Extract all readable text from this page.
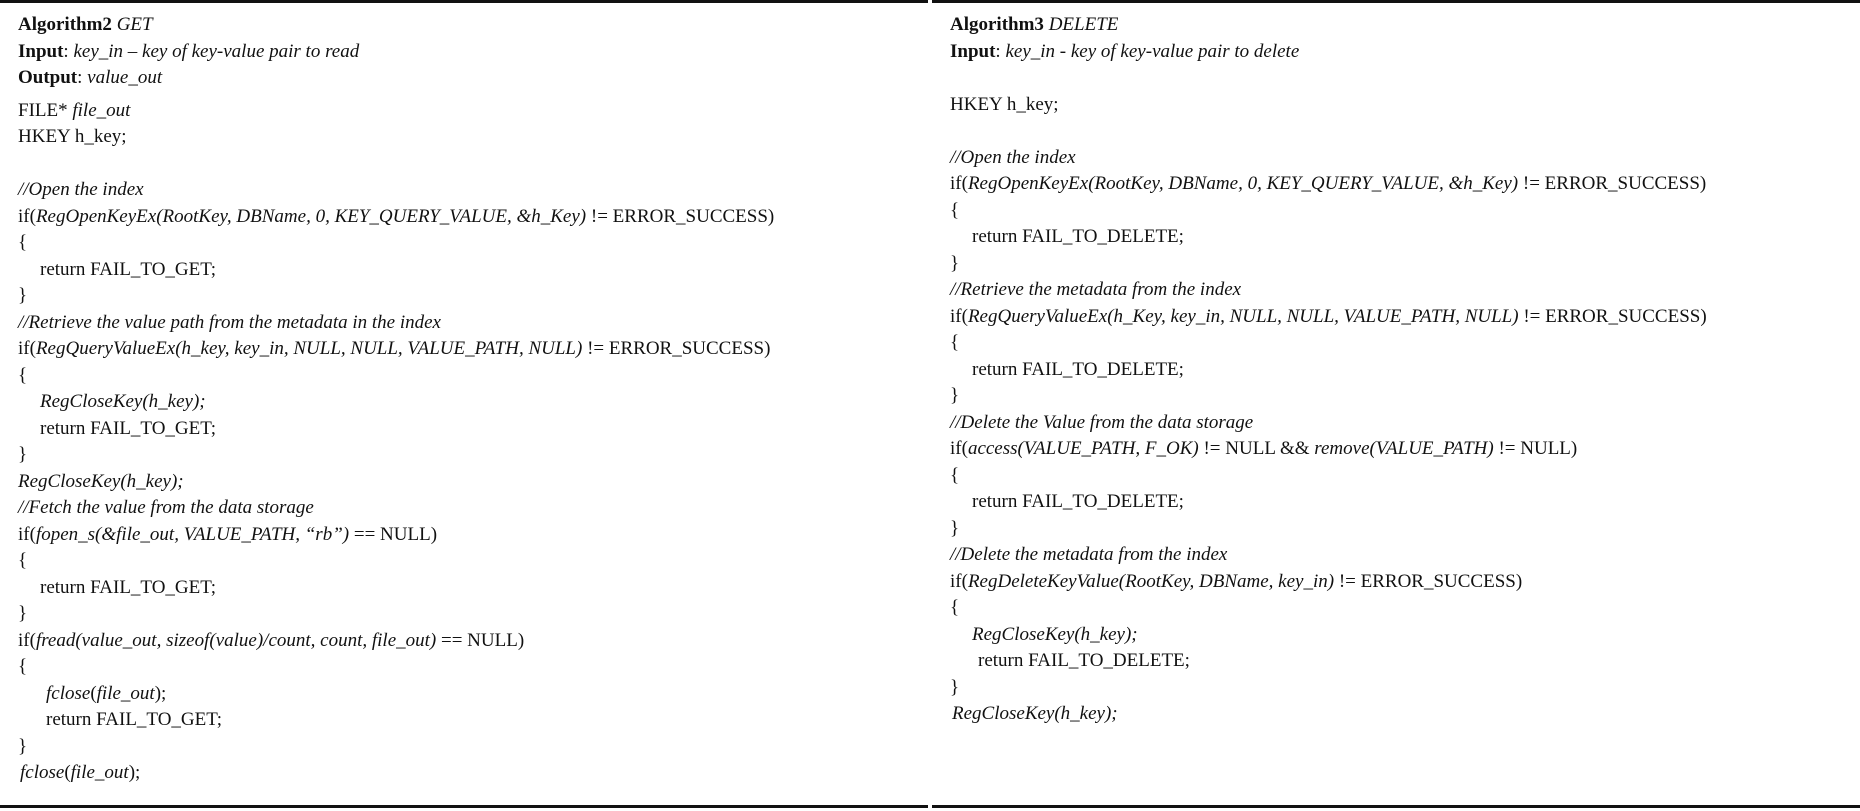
Algorithm2 GET
Input: key_in – key of key-value pair to read
Output: value_out
FILE* file_out
HKEY h_key;
//Open the index
if(RegOpenKeyEx(RootKey, DBName, 0, KEY_QUERY_VALUE, &h_Key) != ERROR_SUCCESS)
{
return FAIL_TO_GET;
}
//Retrieve the value path from the metadata in the index
if(RegQueryValueEx(h_key, key_in, NULL, NULL, VALUE_PATH, NULL) != ERROR_SUCCESS)
{
RegCloseKey(h_key);
return FAIL_TO_GET;
}
RegCloseKey(h_key);
//Fetch the value from the data storage
if(fopen_s(&file_out, VALUE_PATH, “rb”) == NULL)
{
return FAIL_TO_GET;
}
if(fread(value_out, sizeof(value)/count, count, file_out) == NULL)
{
fclose(file_out);
return FAIL_TO_GET;
}
fclose(file_out);
Algorithm3 DELETE
Input: key_in - key of key-value pair to delete
HKEY h_key;
//Open the index
if(RegOpenKeyEx(RootKey, DBName, 0, KEY_QUERY_VALUE, &h_Key) != ERROR_SUCCESS)
{
return FAIL_TO_DELETE;
}
//Retrieve the metadata from the index
if(RegQueryValueEx(h_Key, key_in, NULL, NULL, VALUE_PATH, NULL) != ERROR_SUCCESS)
{
return FAIL_TO_DELETE;
}
//Delete the Value from the data storage
if(access(VALUE_PATH, F_OK) != NULL && remove(VALUE_PATH) != NULL)
{
return FAIL_TO_DELETE;
}
//Delete the metadata from the index
if(RegDeleteKeyValue(RootKey, DBName, key_in) != ERROR_SUCCESS)
{
RegCloseKey(h_key);
return FAIL_TO_DELETE;
}
RegCloseKey(h_key);
